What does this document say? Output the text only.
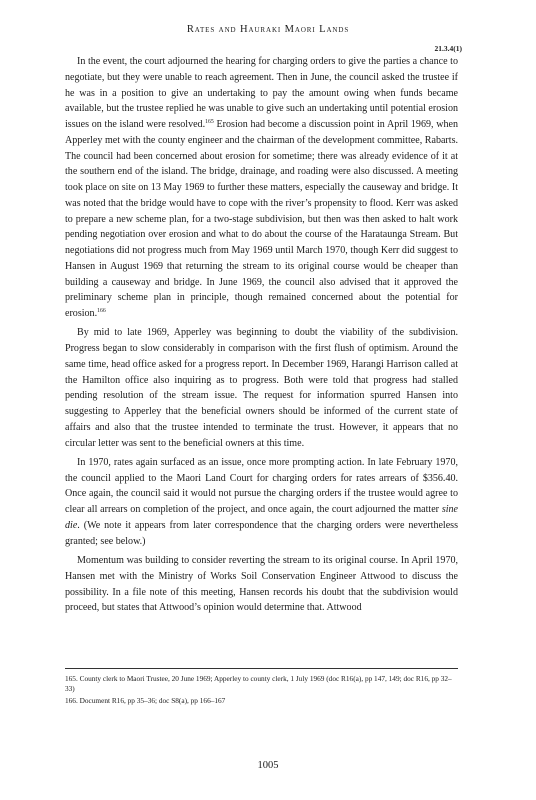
Rates and Hauraki Maori Lands
21.3.4(1)

In the event, the court adjourned the hearing for charging orders to give the parties a chance to negotiate, but they were unable to reach agreement. Then in June, the council asked the trustee if he was in a position to give an undertaking to pay the amount owing when funds became available, but the trustee replied he was unable to give such an undertaking until potential erosion issues on the island were resolved.$^{165}$ Erosion had become a discussion point in April 1969, when Apperley met with the county engineer and the chairman of the development committee, Rabarts. The council had been concerned about erosion for sometime; there was already evidence of it at the southern end of the island. The bridge, drainage, and roading were also discussed. A meeting took place on site on 13 May 1969 to further these matters, especially the causeway and bridge. It was noted that the bridge would have to cope with the river’s propensity to flood. Kerr was asked to prepare a new scheme plan, for a two-stage subdivision, but then was then asked to halt work pending negotiation over erosion and what to do about the course of the Harataunga Stream. But negotiations did not progress much from May 1969 until March 1970, though Kerr did suggest to Hansen in August 1969 that returning the stream to its original course would be cheaper than building a causeway and bridge. In June 1969, the council also advised that it approved the preliminary scheme plan in principle, though remained concerned about the potential for erosion.$^{166}$

By mid to late 1969, Apperley was beginning to doubt the viability of the subdivision. Progress began to slow considerably in comparison with the first flush of optimism. Around the same time, head office asked for a progress report. In December 1969, Harangi Harrison called at the Hamilton office also inquiring as to progress. Both were told that progress had stalled pending resolution of the stream issue. The request for information spurred Hansen into suggesting to Apperley that the beneficial owners should be informed of the current state of affairs and also that the trustee intended to terminate the trust. However, it appears that no circular letter was sent to the beneficial owners at this time.

In 1970, rates again surfaced as an issue, once more prompting action. In late February 1970, the council applied to the Maori Land Court for charging orders for rates arrears of $356.40. Once again, the council said it would not pursue the charging orders if the trustee would agree to clear all arrears on completion of the project, and once again, the court adjourned the matter sine die. (We note it appears from later correspondence that the charging orders were nevertheless granted; see below.)

Momentum was building to consider reverting the stream to its original course. In April 1970, Hansen met with the Ministry of Works Soil Conservation Engineer Attwood to discuss the possibility. In a file note of this meeting, Hansen records his doubt that the subdivision would proceed, but states that Attwood’s opinion would determine that. Attwood

165. County clerk to Maori Trustee, 20 June 1969; Apperley to county clerk, 1 July 1969 (doc R16(a), pp 147, 149; doc R16, pp 32–33)

166. Document R16, pp 35–36; doc S8(a), pp 166–167

1005
